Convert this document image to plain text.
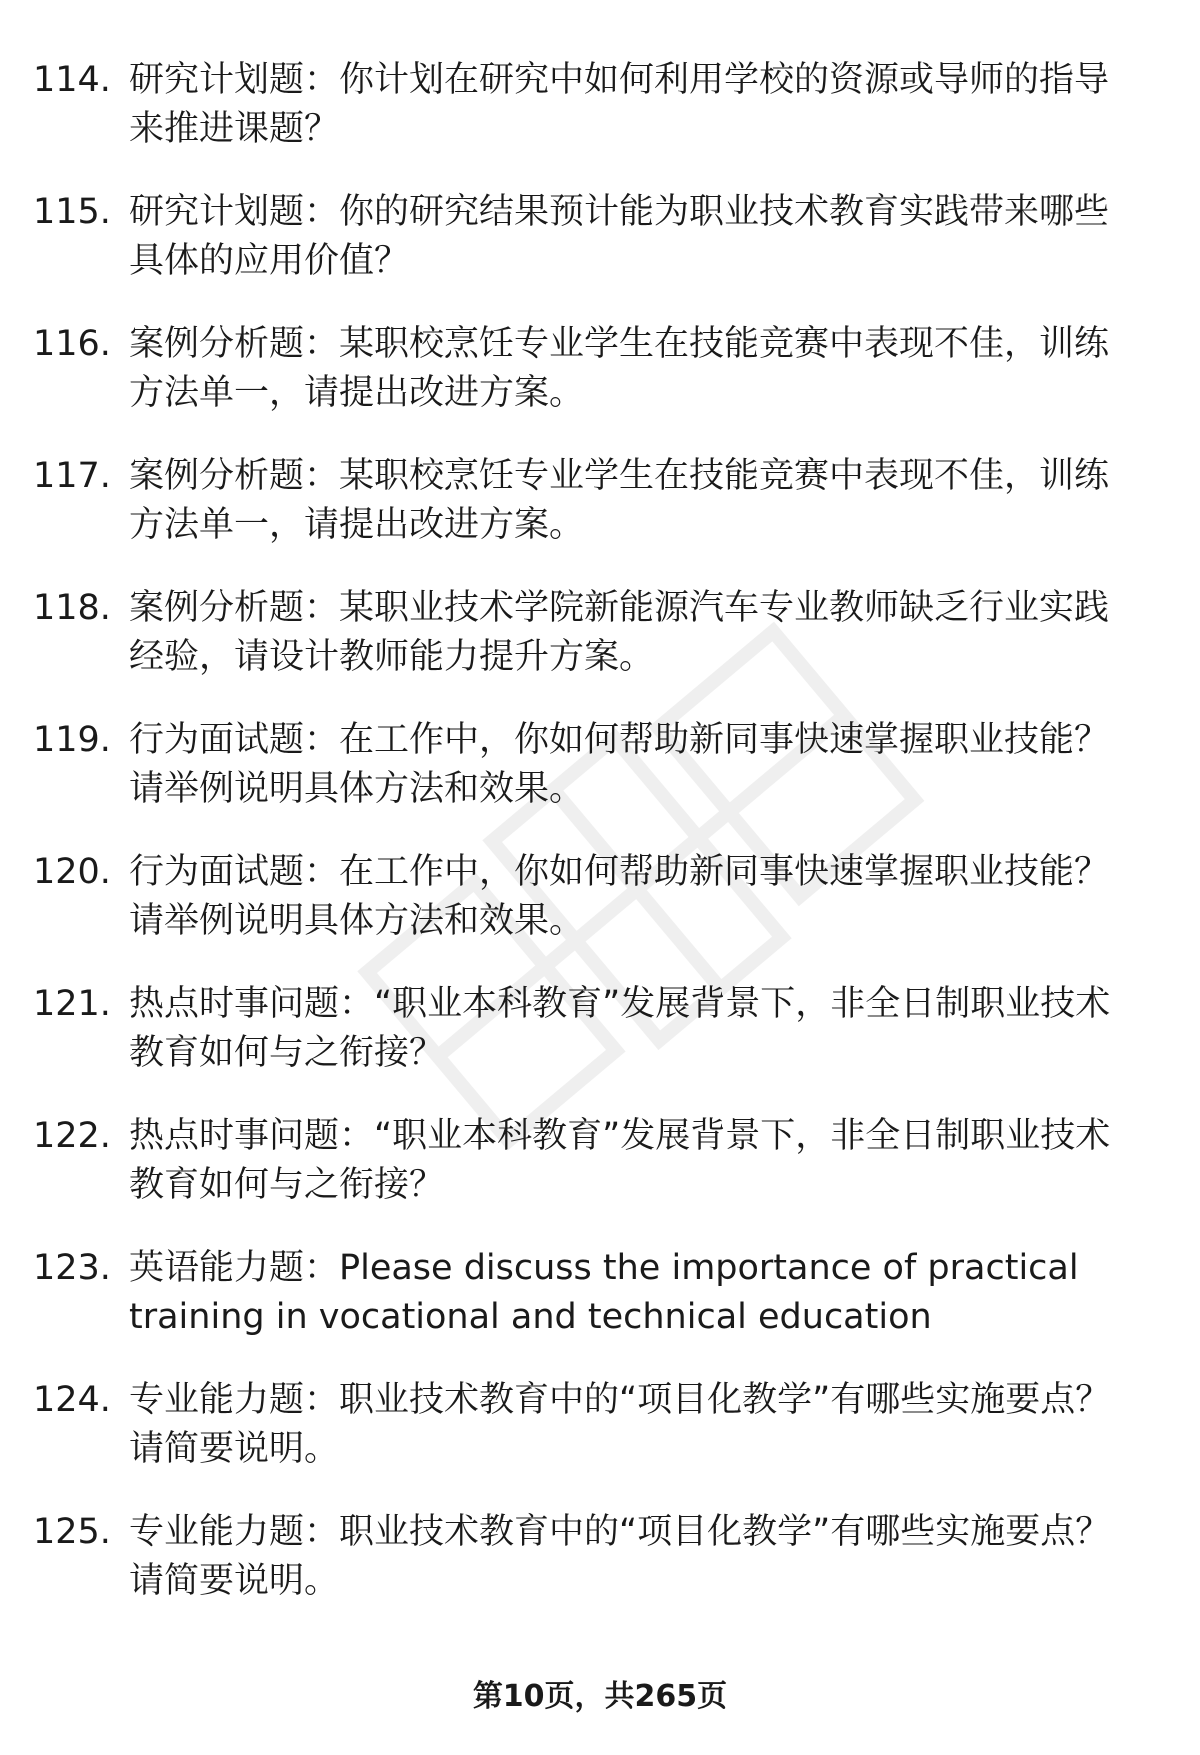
114. 研究计划题：你计划在研究中如何利用学校的资源或导师的指导来推进课题？
115. 研究计划题：你的研究结果预计能为职业技术教育实践带来哪些具体的应用价值？
116. 案例分析题：某职校烹饪专业学生在技能竞赛中表现不佳，训练方法单一，请提出改进方案。
117. 案例分析题：某职校烹饪专业学生在技能竞赛中表现不佳，训练方法单一，请提出改进方案。
118. 案例分析题：某职业技术学院新能源汽车专业教师缺乏行业实践经验，请设计教师能力提升方案。
119. 行为面试题：在工作中，你如何帮助新同事快速掌握职业技能？请举例说明具体方法和效果。
120. 行为面试题：在工作中，你如何帮助新同事快速掌握职业技能？请举例说明具体方法和效果。
121. 热点时事问题：“职业本科教育”发展背景下，非全日制职业技术教育如何与之衔接？
122. 热点时事问题：“职业本科教育”发展背景下，非全日制职业技术教育如何与之衔接？
123. 英语能力题：Please discuss the importance of practical training in vocational and technical education
124. 专业能力题：职业技术教育中的“项目化教学”有哪些实施要点？请简要说明。
125. 专业能力题：职业技术教育中的“项目化教学”有哪些实施要点？请简要说明。
第10页，共265页
